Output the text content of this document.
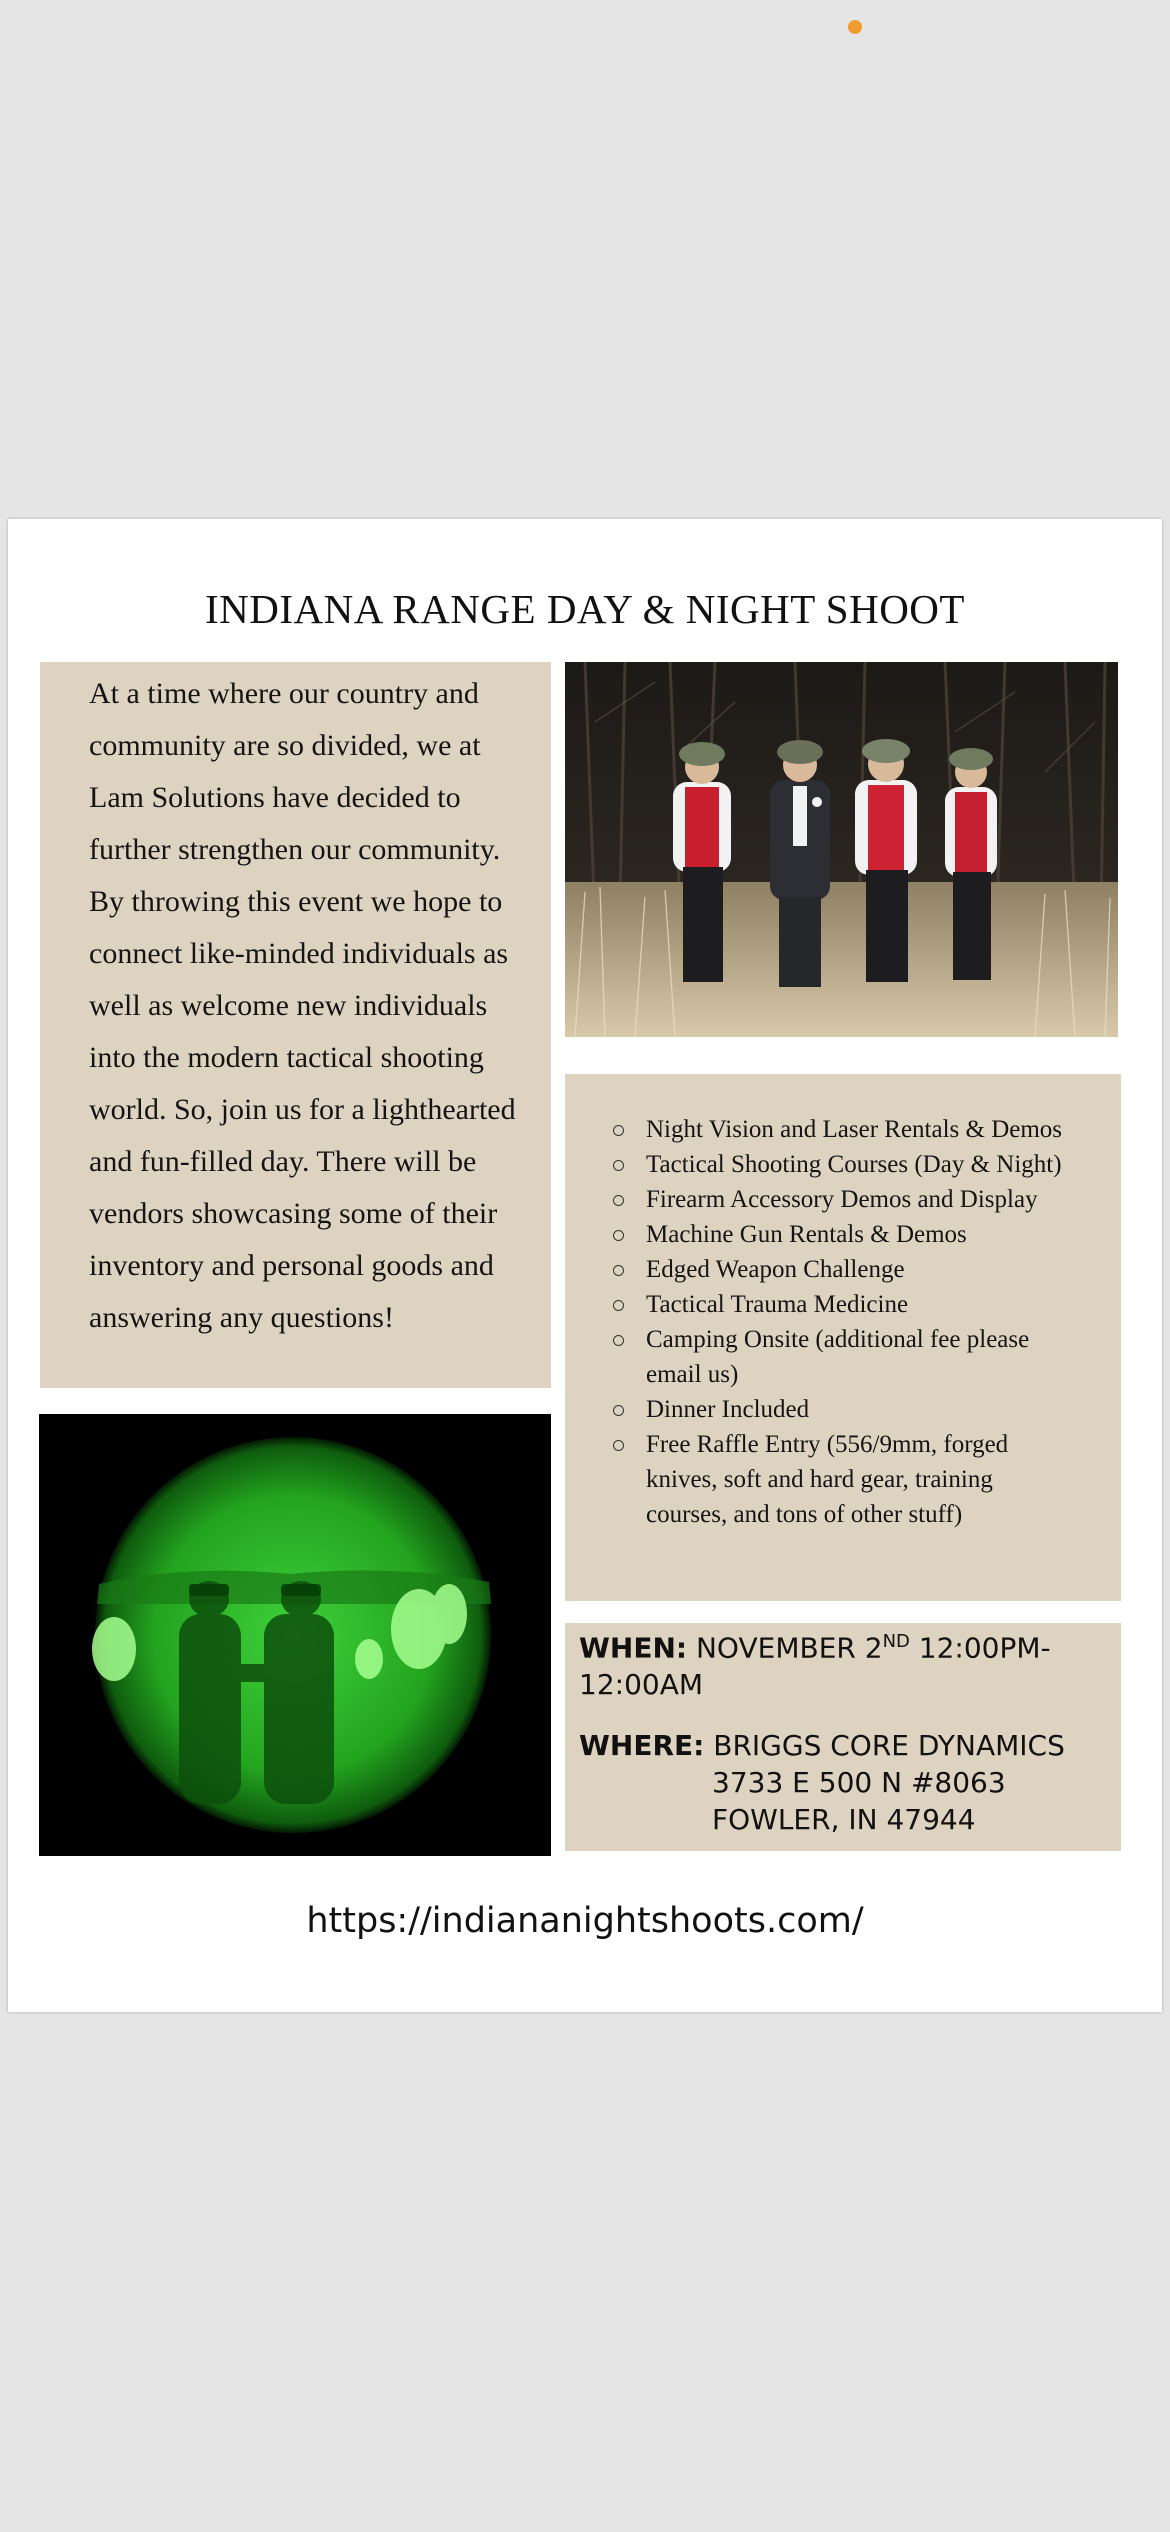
INDIANA RANGE DAY & NIGHT SHOOT
At a time where our country and
community are so divided, we at
Lam Solutions have decided to
further strengthen our community.
By throwing this event we hope to
connect like-minded individuals as
well as welcome new individuals
into the modern tactical shooting
world. So, join us for a lighthearted
and fun-filled day. There will be
vendors showcasing some of their
inventory and personal goods and
answering any questions!
Night Vision and Laser Rentals & Demos
Tactical Shooting Courses (Day & Night)
Firearm Accessory Demos and Display
Machine Gun Rentals & Demos
Edged Weapon Challenge
Tactical Trauma Medicine
Camping Onsite (additional fee please
email us)
Dinner Included
Free Raffle Entry (556/9mm, forged
knives, soft and hard gear, training
courses, and tons of other stuff)
WHEN: NOVEMBER 2ND 12:00PM-
12:00AM
WHERE: BRIGGS CORE DYNAMICS
3733 E 500 N #8063
FOWLER, IN 47944
https://indiananightshoots.com/
